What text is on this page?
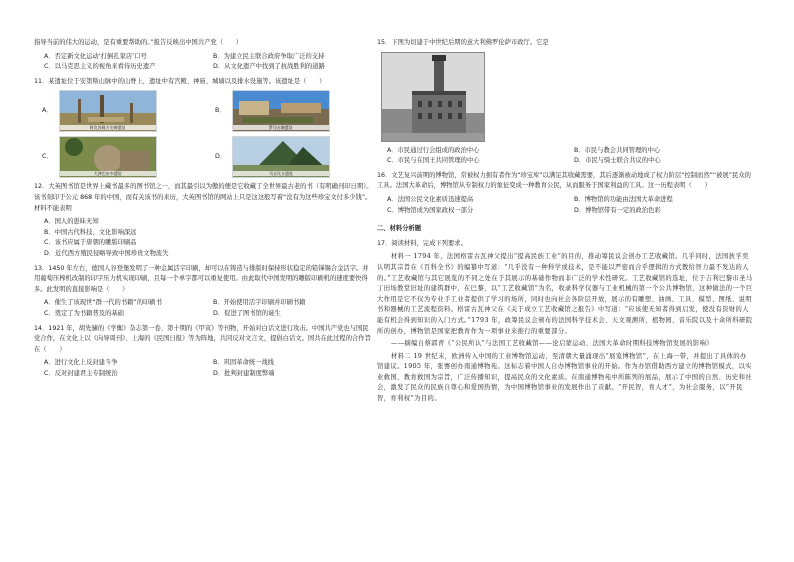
指导当前的伟大的运动，是有重要帮助的。”报告反映出中国共产党（　　）

A．否定新文化运动‘打倒孔家店’口号	B．为建立民主联合政府争取广泛的支持
C．以马克思主义的视角来看待历史遗产	D．从文化遗产中找到了抗战胜利的道路

11．某遗址位于安第斯山脉中的山脊上，遗址中有宫殿、神庙、城墙以及排水设施等。该遗址是（　　）

A．
阿克苏姆方尖碑遗址
B．
罗马古城遗址
C．
大津巴布韦遗址
D．
马丘比丘遗址

12．大英图书馆是世界上藏书最多的图书馆之一，而其最引以为傲的便是它收藏了全世界最古老的书（有明确刊印日期）。该书刻印于公元 868 年的中国，而有关该书的来历，大英图书馆的网站上只是这这般写着“没有为这些珍宝文付多少钱”。材料不能表明

A．国人的愚昧无知
B．中国古代科技、文化影响深远
C．该书应属于唐朝的雕版印刷品
D．近代西方殖民侵略导致中国珍贵文物流失

13．1450 年左右，德国人谷登堡发明了一种金属活字印刷，却可以在铸造与排版时保持形状稳定的铅锑锡合金活字。并用葡萄压榨机改制的印字压力机实现印刷，且每一个单字都可以重复使用。由此取代中国发明的雕版印刷机的速度要快得多。此发明的直接影响是（　　）

A．催生了该现世“群一代的书籍”的印刷书	B．开始使用活字印刷并印刷书籍
C．奠定了为书籍普及的基础	D．促进了图书馆的诞生

14．1921 年，胡先骕的《学衡》杂志第一卷、第十期的《甲寅》等刊物，开始对白话文进行攻击。中国共产党也与国民党合作，在文化上以《向导周刊》、上海的《民国日报》等为阵地，共同反对文言文，提倡白话文。国共在此过程的合作旨在（　　）

A．进行文化上反封建斗争	B．巩固革命统一战线
C．反对封建君主专制统治	D．批判封建制度弊端

15．下图为切建于中世纪后期的意大利佛罗伦萨市政厅。它是

A．市民通过行会组成的政治中心	B．市民与教会共同管理的中心
C．市民与在国王共同管理的中心	D．市民与骑士联合共议的中心

16．文艺复兴前期的博物馆，常被权力拥有者作为“珍宝库”以满足其收藏需要，其后逐渐被动地成了权力阶层“控制而然”“被展”民众的工具。法国大革命后，博物馆从专制权力的象征变成一种教育公民，从而服务于国家利益的工具。这一历程表明（　　）

A．法国公民文化素质迅速提高	B．博物馆的功能由法国大革命进程
C．博物馆成为国家政权一部分	D．博物馆带有一定的政治色彩

二、材料分析题

17．阅读材料，完成下列要求。

材料一 1794 年，法国格雷古瓦神父提出“提高民族工业”的目的，推动筹民议会创办工艺收藏馆。几乎同时，法国狄孚奕认明其宗旨在《百科全书》的编纂中写道：“几乎没有一种科学或技术，是不能以严密而合乎逻辑的方式教给智力最不发达的人的。”工艺收藏馆与其它展览的不同之处在于其展示的基础作物而非广泛的学术性研究。工艺收藏馆的选址，位于吉利巴黎市圣马丁田场教堂旧址的建筑群中，在巴黎，以“工艺收藏馆”为名，收录科学仪器与工业机械的第一个公共博物馆，这种做法的一个巨大作用是它不仅为专业手工业者提供了学习的场所，同时也向社会各阶层开放，展示的有雕塑、油画、工具、模型、图纸、说明书和器械的工艺流程资料。格雷古瓦神父在《关于成立工艺收藏馆之报告》中写道：“应该使无知者得到启发，使没有资财的人能有机会得到知识的入门方式。”1793 年，政筹民议会颁布的法国科学技术会、天文观测所，植物园、音乐院以及十余所科研院所的创办，博物馆是国家把教育作为一项事业来推行的重要部分。

——摘编自蔡郭青《“公民所认”与法国工艺收藏馆——论启蒙运动、法国大革命时期科技博物馆发展的影响》

材料二 19 世纪末，欧洲传入中国的工业博物馆运动，至清朝大量涌现出“展览博物馆”，在上海一带，并提出了具体的办馆建议。1905 年，张謇创办南通博物苑。这标志着中国人自办博物馆事业的开始。作为办馆借助西方建立的博物馆模式，以实业救国、教育救国为宗旨，广泛传播知识，提高民众的文化素质。在南通博物苑中所陈列的展品，展示了中国的自然、历史和社会，激发了民众的民族自尊心和爱国热情，为中国博物馆事业的发展作出了贡献。“开民智，育人才”，为社会服务，以“开民智，育利权”为目的。
